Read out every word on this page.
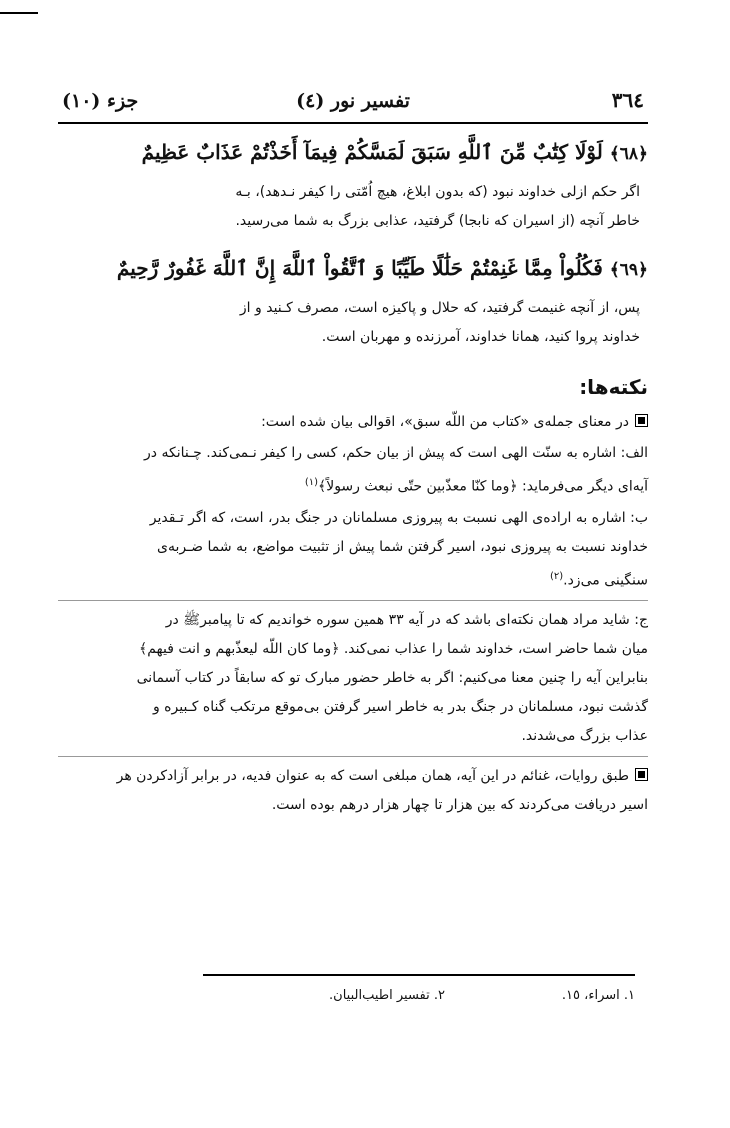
٣٦٤
تفسیر نور (٤)
جزء (١٠)
﴿٦٨﴾ لَوْلَا كِتَٰبٌ مِّنَ ٱللَّهِ سَبَقَ لَمَسَّكُمْ فِيمَآ أَخَذْتُمْ عَذَابٌ عَظِيمٌ

اگر حکم ازلی خداوند نبود (که بدون ابلاغ، هیچ اُمّتی را کیفر نـدهد)، بـه

خاطر آنچه (از اسیران که نابجا) گرفتید، عذابی بزرگ به شما می‌رسید.

﴿٦٩﴾ فَكُلُواْ مِمَّا غَنِمْتُمْ حَلَٰلًا طَيِّبًا وَ ٱتَّقُواْ ٱللَّهَ إِنَّ ٱللَّهَ غَفُورٌ رَّحِيمٌ

پس، از آنچه غنیمت گرفتید، که حلال و پاکیزه است، مصرف کـنید و از

خداوند پروا کنید، همانا خداوند، آمرزنده و مهربان است.

نکته‌ها:

در معنای جمله‌ی «کتاب من اللّه سبق»، اقوالی بیان شده است:

الف: اشاره به سنّت الهی است که پیش از بیان حکم، کسی را کیفر نـمی‌کند. چـنانکه در

آیه‌ای دیگر می‌فرماید: ﴿وما کنّا معذّبین حتّی نبعث رسولاً﴾$^{(١)}$

ب: اشاره به اراده‌ی الهی نسبت به پیروزی مسلمانان در جنگ بدر، است، که اگر تـقدیر

خداوند نسبت به پیروزی نبود، اسیر گرفتن شما پیش از تثبیت مواضع، به شما ضـربه‌ی

سنگینی می‌زد.$^{(٢)}$

ج: شاید مراد همان نکته‌ای باشد که در آیه ٣٣ همین سوره خواندیم که تا پیامبرﷺ در

میان شما حاضر است، خداوند شما را عذاب نمی‌کند. ﴿وما کان اللّه لیعذّبهم و انت فیهم﴾

بنابراین آیه را چنین معنا می‌کنیم: اگر به خاطر حضور مبارک تو که سابقاً در کتاب آسمانی

گذشت نبود، مسلمانان در جنگ بدر به خاطر اسیر گرفتن بی‌موقع مرتکب گناه کـبیره و

عذاب بزرگ می‌شدند.

طبق روایات، غنائم در این آیه، همان مبلغی است که به عنوان فدیه، در برابر آزادکردن هر

اسیر دریافت می‌کردند که بین هزار تا چهار هزار درهم بوده است.

١. اسراء، ١٥.
٢. تفسیر اطیب‌البیان.
